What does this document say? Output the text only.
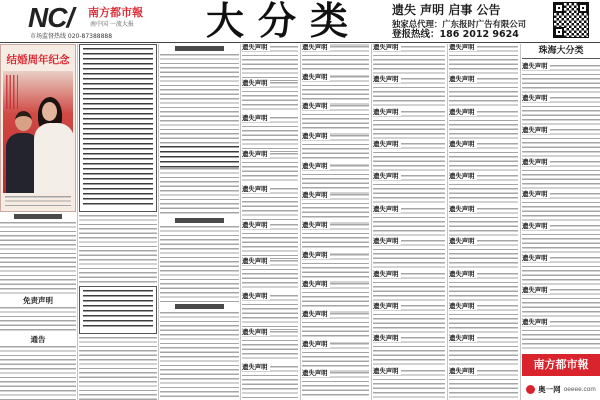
NC/ 南方都市報
南中国 一流大报
市场监督热线 020-87388888 大分类 遗失 声明 启事 公告
独家总代理：广东报时广告有限公司
登报热线：186 2012 9624
结婚周年纪念
免责声明
通告
遗失声明
遗失声明
遗失声明
遗失声明
遗失声明
遗失声明
遗失声明
遗失声明
遗失声明
遗失声明
遗失声明
遗失声明
遗失声明
遗失声明
遗失声明
遗失声明
遗失声明
遗失声明
遗失声明
遗失声明
遗失声明
遗失声明
遗失声明
遗失声明
遗失声明
遗失声明
遗失声明
遗失声明
遗失声明
遗失声明
遗失声明
遗失声明
遗失声明
遗失声明
遗失声明
遗失声明
遗失声明
遗失声明
遗失声明
遗失声明
遗失声明
遗失声明
遗失声明
遗失声明
珠海大分类
遗失声明
遗失声明
遗失声明
遗失声明
遗失声明
遗失声明
遗失声明
遗失声明
遗失声明
南方都市報
奥一网 oeeee.com
